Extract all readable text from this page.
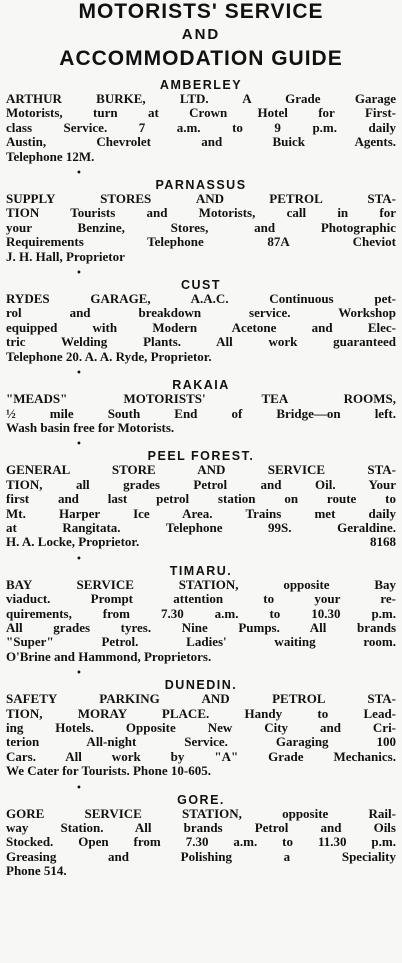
MOTORISTS' SERVICE
AND
ACCOMMODATION GUIDE
AMBERLEY
ARTHUR BURKE, LTD. A Grade Garage
Motorists, turn at Crown Hotel for First-
class Service. 7 a.m. to 9 p.m. daily
Austin, Chevrolet and Buick Agents.
Telephone 12M.
•
PARNASSUS
SUPPLY STORES AND PETROL STA-
TION Tourists and Motorists, call in for
your Benzine, Stores, and Photographic
Requirements Telephone 87A Cheviot
J. H. Hall, Proprietor
•
CUST
RYDES GARAGE, A.A.C. Continuous pet-
rol and breakdown service. Workshop
equipped with Modern Acetone and Elec-
tric Welding Plants. All work guaranteed
Telephone 20. A. A. Ryde, Proprietor.
•
RAKAIA
"MEADS" MOTORISTS' TEA ROOMS,
½ mile South End of Bridge—on left.
Wash basin free for Motorists.
•
PEEL FOREST.
GENERAL STORE AND SERVICE STA-
TION, all grades Petrol and Oil. Your
first and last petrol station on route to
Mt. Harper Ice Area. Trains met daily
at Rangitata. Telephone 99S. Geraldine.
H. A. Locke, Proprietor.	8168
•
TIMARU.
BAY SERVICE STATION, opposite Bay
viaduct. Prompt attention to your re-
quirements, from 7.30 a.m. to 10.30 p.m.
All grades tyres. Nine Pumps. All brands
"Super" Petrol. Ladies' waiting room.
O'Brine and Hammond, Proprietors.
•
DUNEDIN.
SAFETY PARKING AND PETROL STA-
TION, MORAY PLACE. Handy to Lead-
ing Hotels. Opposite New City and Cri-
terion All-night Service. Garaging 100
Cars. All work by "A" Grade Mechanics.
We Cater for Tourists. Phone 10-605.
•
GORE.
GORE SERVICE STATION, opposite Rail-
way Station. All brands Petrol and Oils
Stocked. Open from 7.30 a.m. to 11.30 p.m.
Greasing and Polishing a Speciality
Phone 514.
